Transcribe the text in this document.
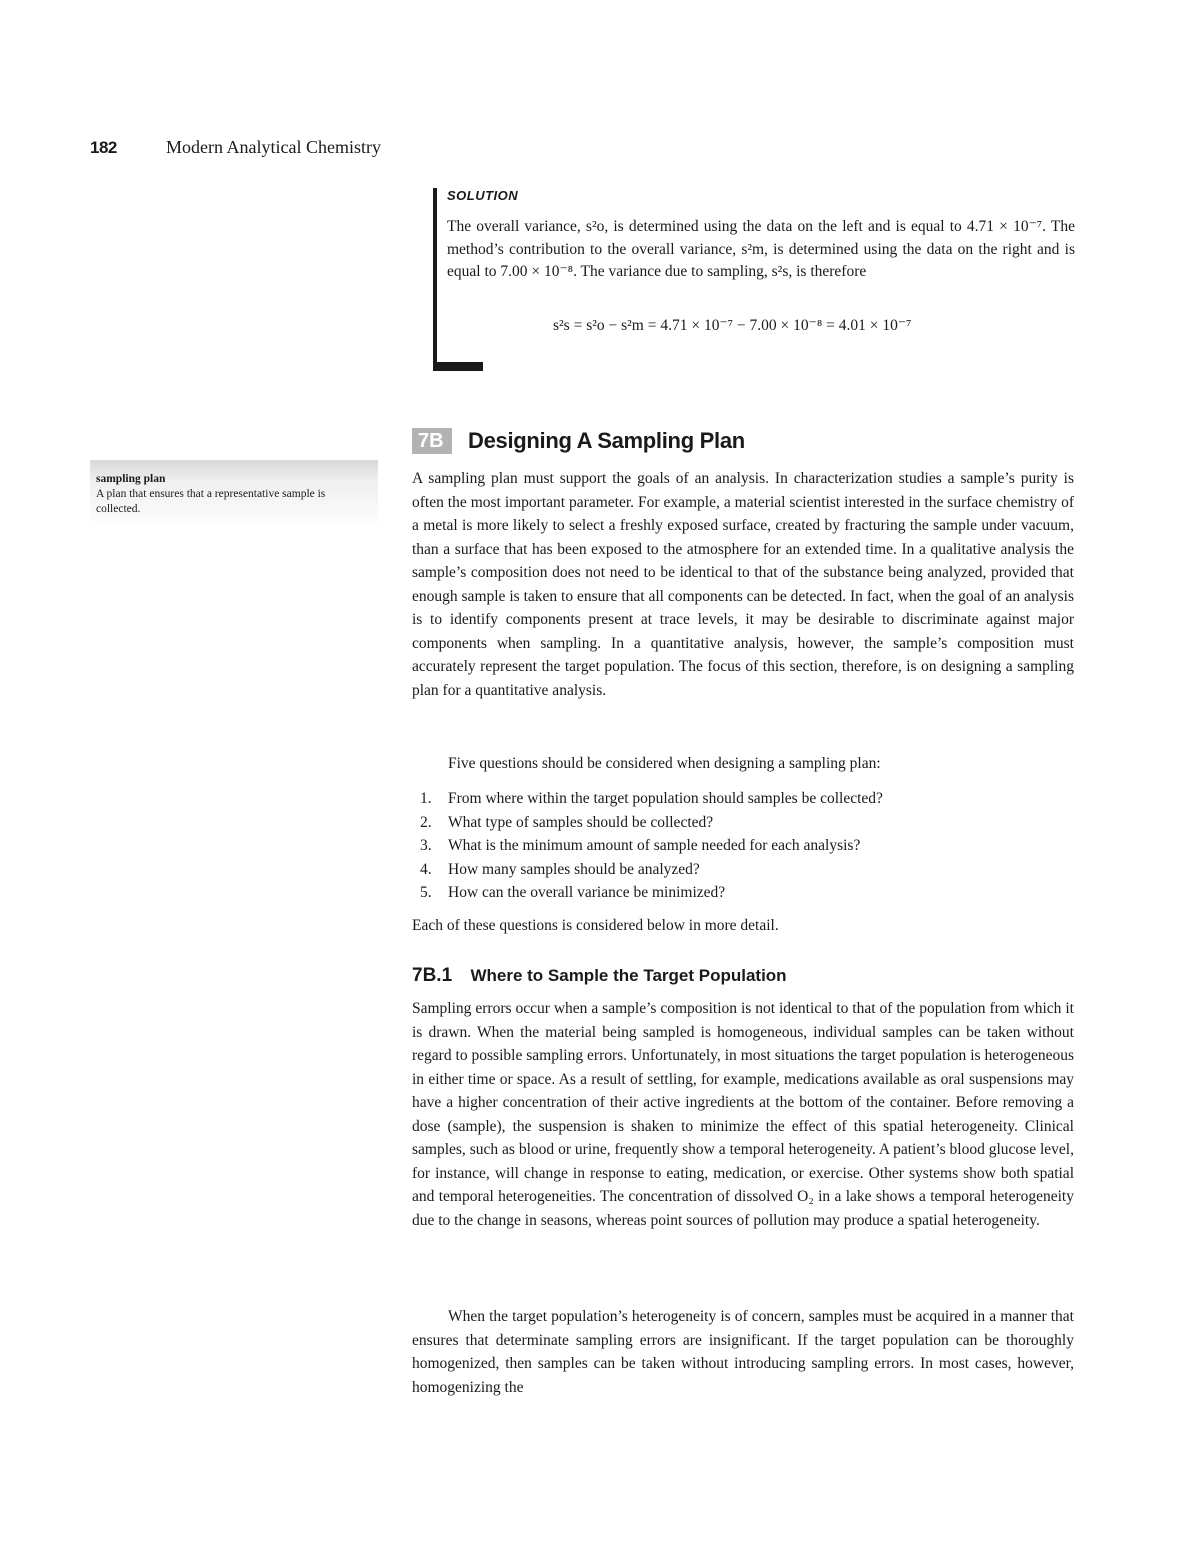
182	Modern Analytical Chemistry
SOLUTION

The overall variance, s²o, is determined using the data on the left and is equal to 4.71 × 10⁻⁷. The method’s contribution to the overall variance, s²m, is determined using the data on the right and is equal to 7.00 × 10⁻⁸. The variance due to sampling, s²s, is therefore

s²s = s²o − s²m = 4.71 × 10⁻⁷ − 7.00 × 10⁻⁸ = 4.01 × 10⁻⁷
7B Designing A Sampling Plan
sampling plan
A plan that ensures that a representative sample is collected.

A sampling plan must support the goals of an analysis. In characterization studies a sample’s purity is often the most important parameter. For example, a material scientist interested in the surface chemistry of a metal is more likely to select a freshly exposed surface, created by fracturing the sample under vacuum, than a surface that has been exposed to the atmosphere for an extended time. In a qualitative analysis the sample’s composition does not need to be identical to that of the substance being analyzed, provided that enough sample is taken to ensure that all components can be detected. In fact, when the goal of an analysis is to identify components present at trace levels, it may be desirable to discriminate against major components when sampling. In a quantitative analysis, however, the sample’s composition must accurately represent the target population. The focus of this section, therefore, is on designing a sampling plan for a quantitative analysis.

Five questions should be considered when designing a sampling plan:

1. From where within the target population should samples be collected?
2. What type of samples should be collected?
3. What is the minimum amount of sample needed for each analysis?
4. How many samples should be analyzed?
5. How can the overall variance be minimized?

Each of these questions is considered below in more detail.

7B.1 Where to Sample the Target Population

Sampling errors occur when a sample’s composition is not identical to that of the population from which it is drawn. When the material being sampled is homogeneous, individual samples can be taken without regard to possible sampling errors. Unfortunately, in most situations the target population is heterogeneous in either time or space. As a result of settling, for example, medications available as oral suspensions may have a higher concentration of their active ingredients at the bottom of the container. Before removing a dose (sample), the suspension is shaken to minimize the effect of this spatial heterogeneity. Clinical samples, such as blood or urine, frequently show a temporal heterogeneity. A patient’s blood glucose level, for instance, will change in response to eating, medication, or exercise. Other systems show both spatial and temporal heterogeneities. The concentration of dissolved O₂ in a lake shows a temporal heterogeneity due to the change in seasons, whereas point sources of pollution may produce a spatial heterogeneity.

When the target population’s heterogeneity is of concern, samples must be acquired in a manner that ensures that determinate sampling errors are insignificant. If the target population can be thoroughly homogenized, then samples can be taken without introducing sampling errors. In most cases, however, homogenizing the
